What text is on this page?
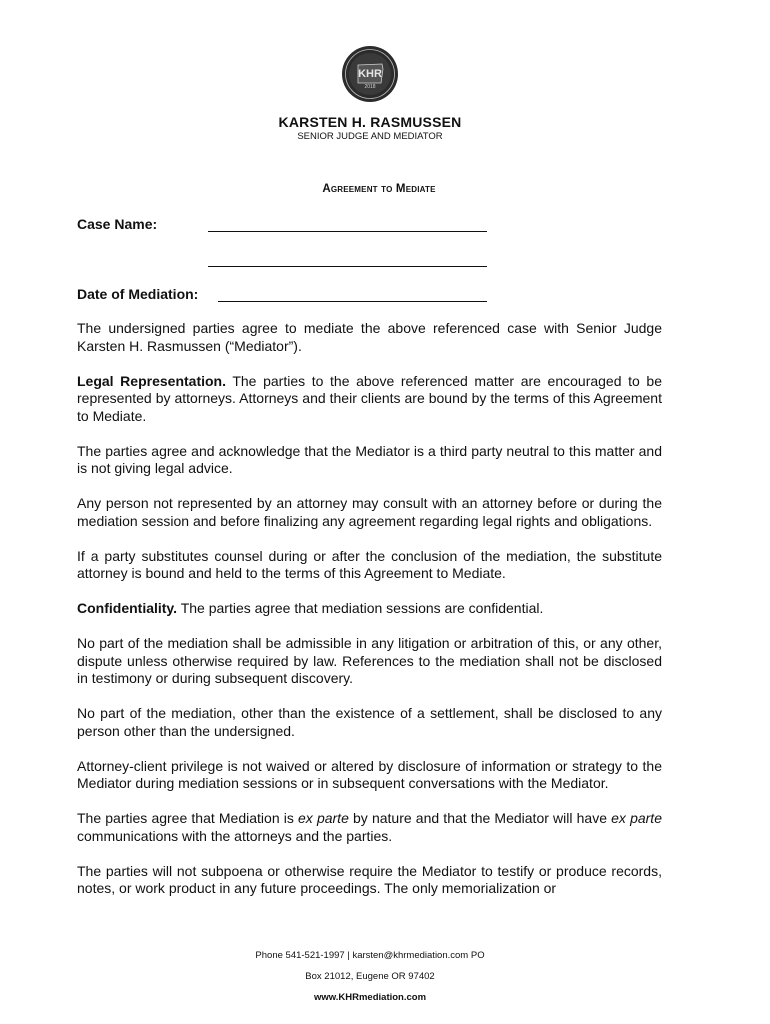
KHR
2018
KARSTEN H. RASMUSSEN
SENIOR JUDGE AND MEDIATOR
Agreement to Mediate
Case Name:
Date of Mediation:

The undersigned parties agree to mediate the above referenced case with Senior Judge Karsten H. Rasmussen (“Mediator”).

Legal Representation. The parties to the above referenced matter are encouraged to be represented by attorneys. Attorneys and their clients are bound by the terms of this Agreement to Mediate.

The parties agree and acknowledge that the Mediator is a third party neutral to this matter and is not giving legal advice.

Any person not represented by an attorney may consult with an attorney before or during the mediation session and before finalizing any agreement regarding legal rights and obligations.

If a party substitutes counsel during or after the conclusion of the mediation, the substitute attorney is bound and held to the terms of this Agreement to Mediate.

Confidentiality. The parties agree that mediation sessions are confidential.

No part of the mediation shall be admissible in any litigation or arbitration of this, or any other, dispute unless otherwise required by law. References to the mediation shall not be disclosed in testimony or during subsequent discovery.

No part of the mediation, other than the existence of a settlement, shall be disclosed to any person other than the undersigned.

Attorney-client privilege is not waived or altered by disclosure of information or strategy to the Mediator during mediation sessions or in subsequent conversations with the Mediator.

The parties agree that Mediation is ex parte by nature and that the Mediator will have ex parte communications with the attorneys and the parties.

The parties will not subpoena or otherwise require the Mediator to testify or produce records, notes, or work product in any future proceedings. The only memorialization or

Phone 541-521-1997 | karsten@khrmediation.com PO
Box 21012, Eugene OR 97402
www.KHRmediation.com
